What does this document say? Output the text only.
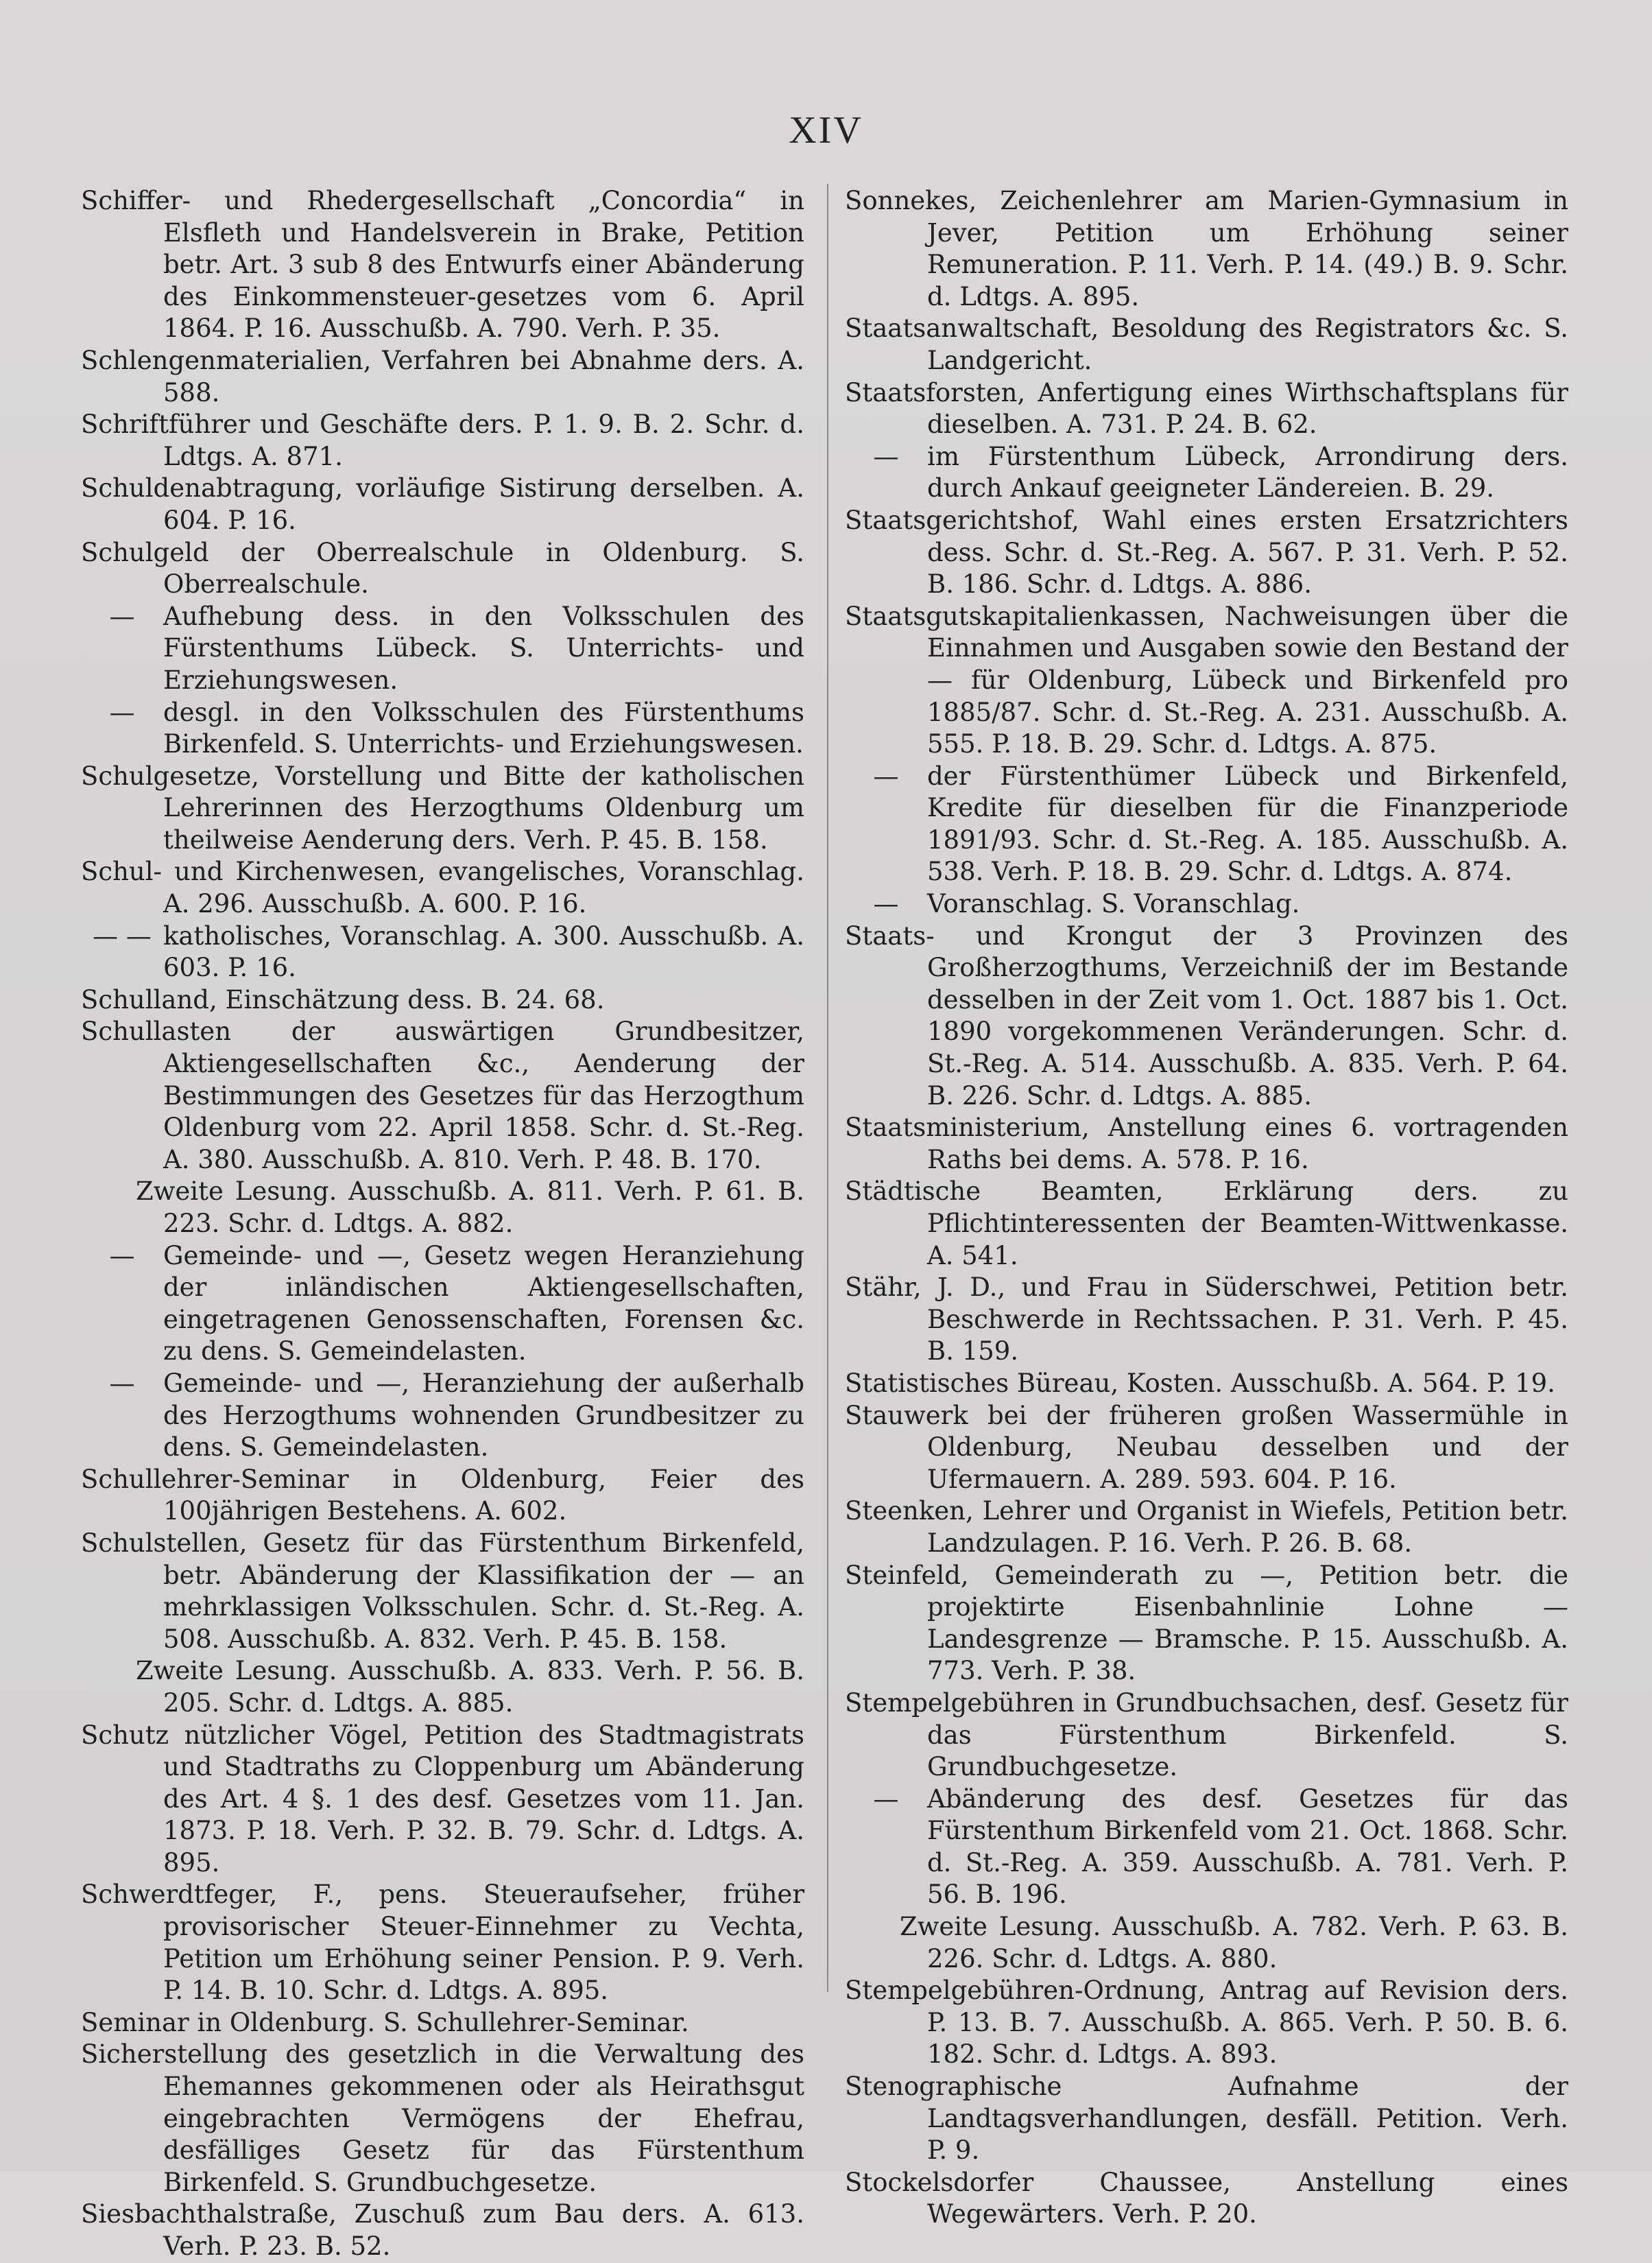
XIV

Schiffer- und Rhedergesellschaft „Concordia“ in Elsfleth und Handelsverein in Brake, Petition betr. Art. 3 sub 8 des Entwurfs einer Abänderung des Einkommensteuer-gesetzes vom 6. April 1864. P. 16. Ausschußb. A. 790. Verh. P. 35.

Schlengenmaterialien, Verfahren bei Abnahme ders. A. 588.

Schriftführer und Geschäfte ders. P. 1. 9. B. 2. Schr. d. Ldtgs. A. 871.

Schuldenabtragung, vorläufige Sistirung derselben. A. 604. P. 16.

Schulgeld der Oberrealschule in Oldenburg. S. Oberrealschule.

— Aufhebung dess. in den Volksschulen des Fürstenthums Lübeck. S. Unterrichts- und Erziehungswesen.

— desgl. in den Volksschulen des Fürstenthums Birkenfeld. S. Unterrichts- und Erziehungswesen.

Schulgesetze, Vorstellung und Bitte der katholischen Lehrerinnen des Herzogthums Oldenburg um theilweise Aenderung ders. Verh. P. 45. B. 158.

Schul- und Kirchenwesen, evangelisches, Voranschlag. A. 296. Ausschußb. A. 600. P. 16.

— — katholisches, Voranschlag. A. 300. Ausschußb. A. 603. P. 16.

Schulland, Einschätzung dess. B. 24. 68.

Schullasten der auswärtigen Grundbesitzer, Aktiengesellschaften &c., Aenderung der Bestimmungen des Gesetzes für das Herzogthum Oldenburg vom 22. April 1858. Schr. d. St.-Reg. A. 380. Ausschußb. A. 810. Verh. P. 48. B. 170.

Zweite Lesung. Ausschußb. A. 811. Verh. P. 61. B. 223. Schr. d. Ldtgs. A. 882.

— Gemeinde- und —, Gesetz wegen Heranziehung der inländischen Aktiengesellschaften, eingetragenen Genossenschaften, Forensen &c. zu dens. S. Gemeindelasten.

— Gemeinde- und —, Heranziehung der außerhalb des Herzogthums wohnenden Grundbesitzer zu dens. S. Gemeindelasten.

Schullehrer-Seminar in Oldenburg, Feier des 100jährigen Bestehens. A. 602.

Schulstellen, Gesetz für das Fürstenthum Birkenfeld, betr. Abänderung der Klassifikation der — an mehrklassigen Volksschulen. Schr. d. St.-Reg. A. 508. Ausschußb. A. 832. Verh. P. 45. B. 158.

Zweite Lesung. Ausschußb. A. 833. Verh. P. 56. B. 205. Schr. d. Ldtgs. A. 885.

Schutz nützlicher Vögel, Petition des Stadtmagistrats und Stadtraths zu Cloppenburg um Abänderung des Art. 4 §. 1 des desf. Gesetzes vom 11. Jan. 1873. P. 18. Verh. P. 32. B. 79. Schr. d. Ldtgs. A. 895.

Schwerdtfeger, F., pens. Steueraufseher, früher provisorischer Steuer-Einnehmer zu Vechta, Petition um Erhöhung seiner Pension. P. 9. Verh. P. 14. B. 10. Schr. d. Ldtgs. A. 895.

Seminar in Oldenburg. S. Schullehrer-Seminar.

Sicherstellung des gesetzlich in die Verwaltung des Ehemannes gekommenen oder als Heirathsgut eingebrachten Vermögens der Ehefrau, desfälliges Gesetz für das Fürstenthum Birkenfeld. S. Grundbuchgesetze.

Siesbachthalstraße, Zuschuß zum Bau ders. A. 613. Verh. P. 23. B. 52.

Sonnekes, Zeichenlehrer am Marien-Gymnasium in Jever, Petition um Erhöhung seiner Remuneration. P. 11. Verh. P. 14. (49.) B. 9. Schr. d. Ldtgs. A. 895.

Staatsanwaltschaft, Besoldung des Registrators &c. S. Landgericht.

Staatsforsten, Anfertigung eines Wirthschaftsplans für dieselben. A. 731. P. 24. B. 62.

— im Fürstenthum Lübeck, Arrondirung ders. durch Ankauf geeigneter Ländereien. B. 29.

Staatsgerichtshof, Wahl eines ersten Ersatzrichters dess. Schr. d. St.-Reg. A. 567. P. 31. Verh. P. 52. B. 186. Schr. d. Ldtgs. A. 886.

Staatsgutskapitalienkassen, Nachweisungen über die Einnahmen und Ausgaben sowie den Bestand der — für Oldenburg, Lübeck und Birkenfeld pro 1885/87. Schr. d. St.-Reg. A. 231. Ausschußb. A. 555. P. 18. B. 29. Schr. d. Ldtgs. A. 875.

— der Fürstenthümer Lübeck und Birkenfeld, Kredite für dieselben für die Finanzperiode 1891/93. Schr. d. St.-Reg. A. 185. Ausschußb. A. 538. Verh. P. 18. B. 29. Schr. d. Ldtgs. A. 874.

— Voranschlag. S. Voranschlag.

Staats- und Krongut der 3 Provinzen des Großherzogthums, Verzeichniß der im Bestande desselben in der Zeit vom 1. Oct. 1887 bis 1. Oct. 1890 vorgekommenen Veränderungen. Schr. d. St.-Reg. A. 514. Ausschußb. A. 835. Verh. P. 64. B. 226. Schr. d. Ldtgs. A. 885.

Staatsministerium, Anstellung eines 6. vortragenden Raths bei dems. A. 578. P. 16.

Städtische Beamten, Erklärung ders. zu Pflichtinteressenten der Beamten-Wittwenkasse. A. 541.

Stähr, J. D., und Frau in Süderschwei, Petition betr. Beschwerde in Rechtssachen. P. 31. Verh. P. 45. B. 159.

Statistisches Büreau, Kosten. Ausschußb. A. 564. P. 19.

Stauwerk bei der früheren großen Wassermühle in Oldenburg, Neubau desselben und der Ufermauern. A. 289. 593. 604. P. 16.

Steenken, Lehrer und Organist in Wiefels, Petition betr. Landzulagen. P. 16. Verh. P. 26. B. 68.

Steinfeld, Gemeinderath zu —, Petition betr. die projektirte Eisenbahnlinie Lohne — Landesgrenze — Bramsche. P. 15. Ausschußb. A. 773. Verh. P. 38.

Stempelgebühren in Grundbuchsachen, desf. Gesetz für das Fürstenthum Birkenfeld. S. Grundbuchgesetze.

— Abänderung des desf. Gesetzes für das Fürstenthum Birkenfeld vom 21. Oct. 1868. Schr. d. St.-Reg. A. 359. Ausschußb. A. 781. Verh. P. 56. B. 196.

Zweite Lesung. Ausschußb. A. 782. Verh. P. 63. B. 226. Schr. d. Ldtgs. A. 880.

Stempelgebühren-Ordnung, Antrag auf Revision ders. P. 13. B. 7. Ausschußb. A. 865. Verh. P. 50. B. 6. 182. Schr. d. Ldtgs. A. 893.

Stenographische Aufnahme der Landtagsverhandlungen, desfäll. Petition. Verh. P. 9.

Stockelsdorfer Chaussee, Anstellung eines Wegewärters. Verh. P. 20.
